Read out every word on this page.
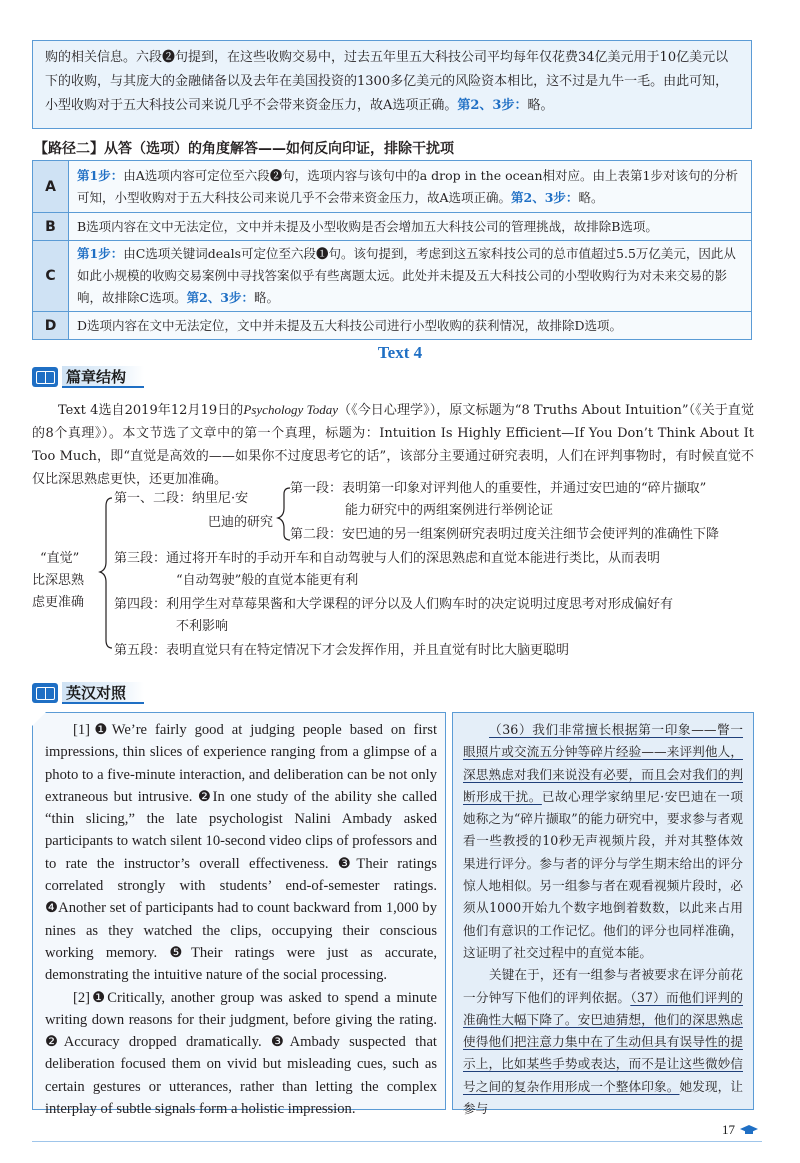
购的相关信息。六段❷句提到，在这些收购交易中，过去五年里五大科技公司平均每年仅花费34亿美元用于10亿美元以下的收购，与其庞大的金融储备以及去年在美国投资的1300多亿美元的风险资本相比，这不过是九牛一毛。由此可知，小型收购对于五大科技公司来说几乎不会带来资金压力，故A选项正确。第2、3步：略。
【路径二】从答（选项）的角度解答——如何反向印证，排除干扰项
A	第1步：由A选项内容可定位至六段❷句，选项内容与该句中的a drop in the ocean相对应。由上表第1步对该句的分析可知，小型收购对于五大科技公司来说几乎不会带来资金压力，故A选项正确。第2、3步：略。
B	B选项内容在文中无法定位，文中并未提及小型收购是否会增加五大科技公司的管理挑战，故排除B选项。
C	第1步：由C选项关键词deals可定位至六段❶句。该句提到，考虑到这五家科技公司的总市值超过5.5万亿美元，因此从如此小规模的收购交易案例中寻找答案似乎有些离题太远。此处并未提及五大科技公司的小型收购行为对未来交易的影响，故排除C选项。第2、3步：略。
D	D选项内容在文中无法定位，文中并未提及五大科技公司进行小型收购的获利情况，故排除D选项。
Text 4
篇章结构
Text 4选自2019年12月19日的Psychology Today（《今日心理学》），原文标题为“8 Truths About Intuition”（《关于直觉的8个真理》）。本文节选了文章中的第一个真理，标题为：Intuition Is Highly Efficient—If You Don’t Think About It Too Much，即“直觉是高效的——如果你不过度思考它的话”，该部分主要通过研究表明，人们在评判事物时，有时候直觉不仅比深思熟虑更快，还更加准确。
“直觉”
比深思熟
虑更准确
第一、二段：纳里尼·安
巴迪的研究
第一段：表明第一印象对评判他人的重要性，并通过安巴迪的“碎片撷取”
能力研究中的两组案例进行举例论证
第二段：安巴迪的另一组案例研究表明过度关注细节会使评判的准确性下降
第三段：通过将开车时的手动开车和自动驾驶与人们的深思熟虑和直觉本能进行类比，从而表明
“自动驾驶”般的直觉本能更有利
第四段：利用学生对草莓果酱和大学课程的评分以及人们购车时的决定说明过度思考对形成偏好有
不利影响
第五段：表明直觉只有在特定情况下才会发挥作用，并且直觉有时比大脑更聪明
英汉对照

[1]❶We’re fairly good at judging people based on first impressions, thin slices of experience ranging from a glimpse of a photo to a five-minute interaction, and deliberation can be not only extraneous but intrusive. ❷In one study of the ability she called “thin slicing,” the late psychologist Nalini Ambady asked participants to watch silent 10-second video clips of professors and to rate the instructor’s overall effectiveness. ❸Their ratings correlated strongly with students’ end-of-semester ratings. ❹Another set of participants had to count backward from 1,000 by nines as they watched the clips, occupying their conscious working memory. ❺Their ratings were just as accurate, demonstrating the intuitive nature of the social processing.

[2]❶Critically, another group was asked to spend a minute writing down reasons for their judgment, before giving the rating. ❷Accuracy dropped dramatically. ❸Ambady suspected that deliberation focused them on vivid but misleading cues, such as certain gestures or utterances, rather than letting the complex interplay of subtle signals form a holistic impression.

（36）我们非常擅长根据第一印象——瞥一眼照片或交流五分钟等碎片经验——来评判他人，深思熟虑对我们来说没有必要，而且会对我们的判断形成干扰。已故心理学家纳里尼·安巴迪在一项她称之为“碎片撷取”的能力研究中，要求参与者观看一些教授的10秒无声视频片段，并对其整体效果进行评分。参与者的评分与学生期末给出的评分惊人地相似。另一组参与者在观看视频片段时，必须从1000开始九个数字地倒着数数，以此来占用他们有意识的工作记忆。他们的评分也同样准确，这证明了社交过程中的直觉本能。

关键在于，还有一组参与者被要求在评分前花一分钟写下他们的评判依据。（37）而他们评判的准确性大幅下降了。安巴迪猜想，他们的深思熟虑使得他们把注意力集中在了生动但具有误导性的提示上，比如某些手势或表达，而不是让这些微妙信号之间的复杂作用形成一个整体印象。她发现，让参与

17
